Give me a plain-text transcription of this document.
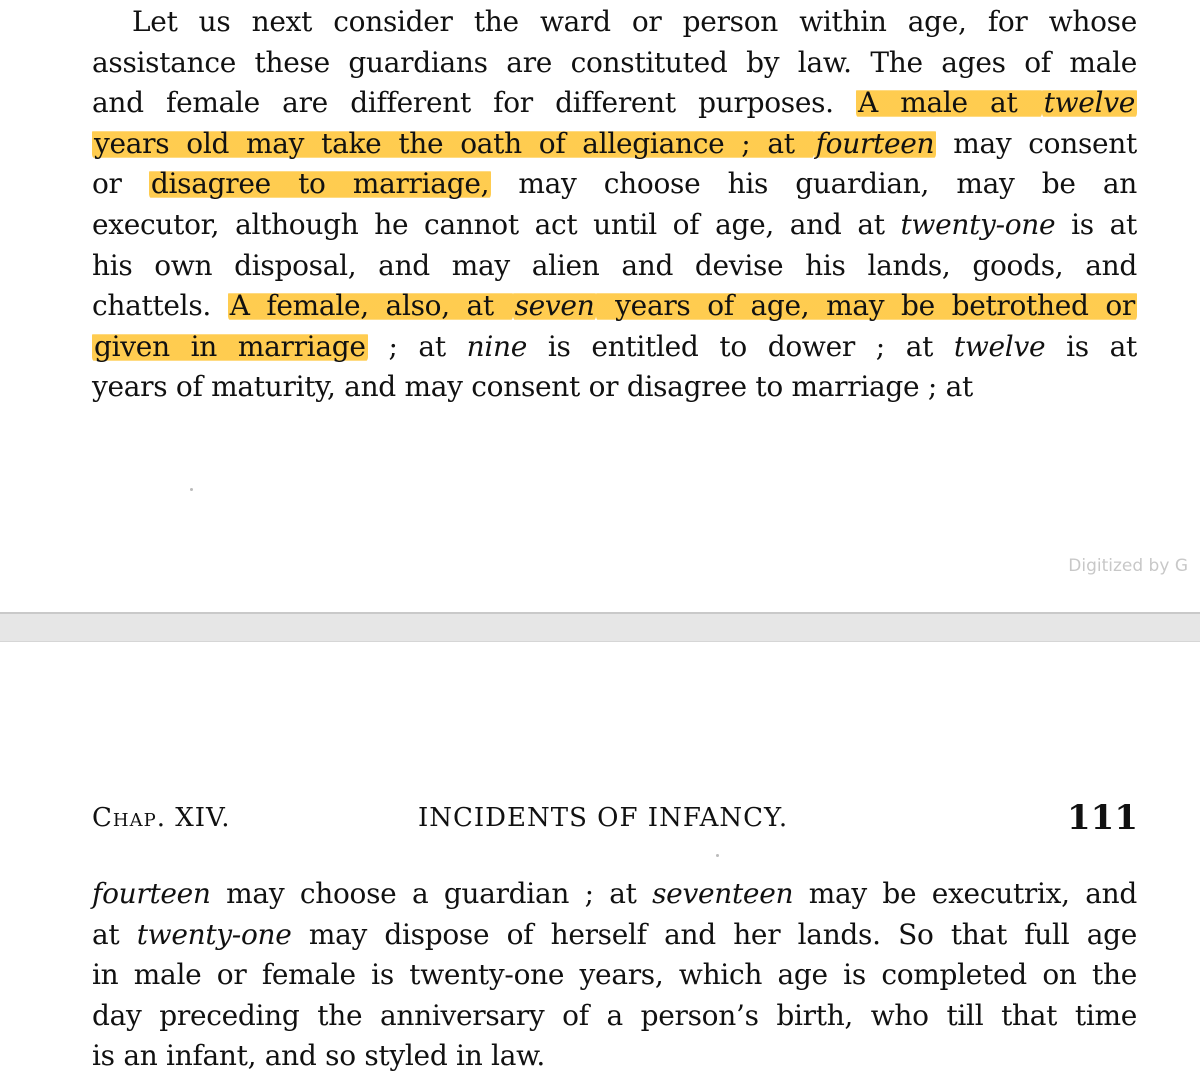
Let us next consider the ward or person within age, for whose
assistance these guardians are constituted by law. The ages of male
and female are different for different purposes. A male at twelve
years old may take the oath of allegiance ; at fourteen may consent
or disagree to marriage, may choose his guardian, may be an
executor, although he cannot act until of age, and at twenty-one is at
his own disposal, and may alien and devise his lands, goods, and
chattels. A female, also, at seven years of age, may be betrothed or
given in marriage ; at nine is entitled to dower ; at twelve is at
years of maturity, and may consent or disagree to marriage ; at
Digitized by G
Chap. XIV.	INCIDENTS OF INFANCY.	111
fourteen may choose a guardian ; at seventeen may be executrix, and
at twenty-one may dispose of herself and her lands. So that full age
in male or female is twenty-one years, which age is completed on the
day preceding the anniversary of a person’s birth, who till that time
is an infant, and so styled in law.
